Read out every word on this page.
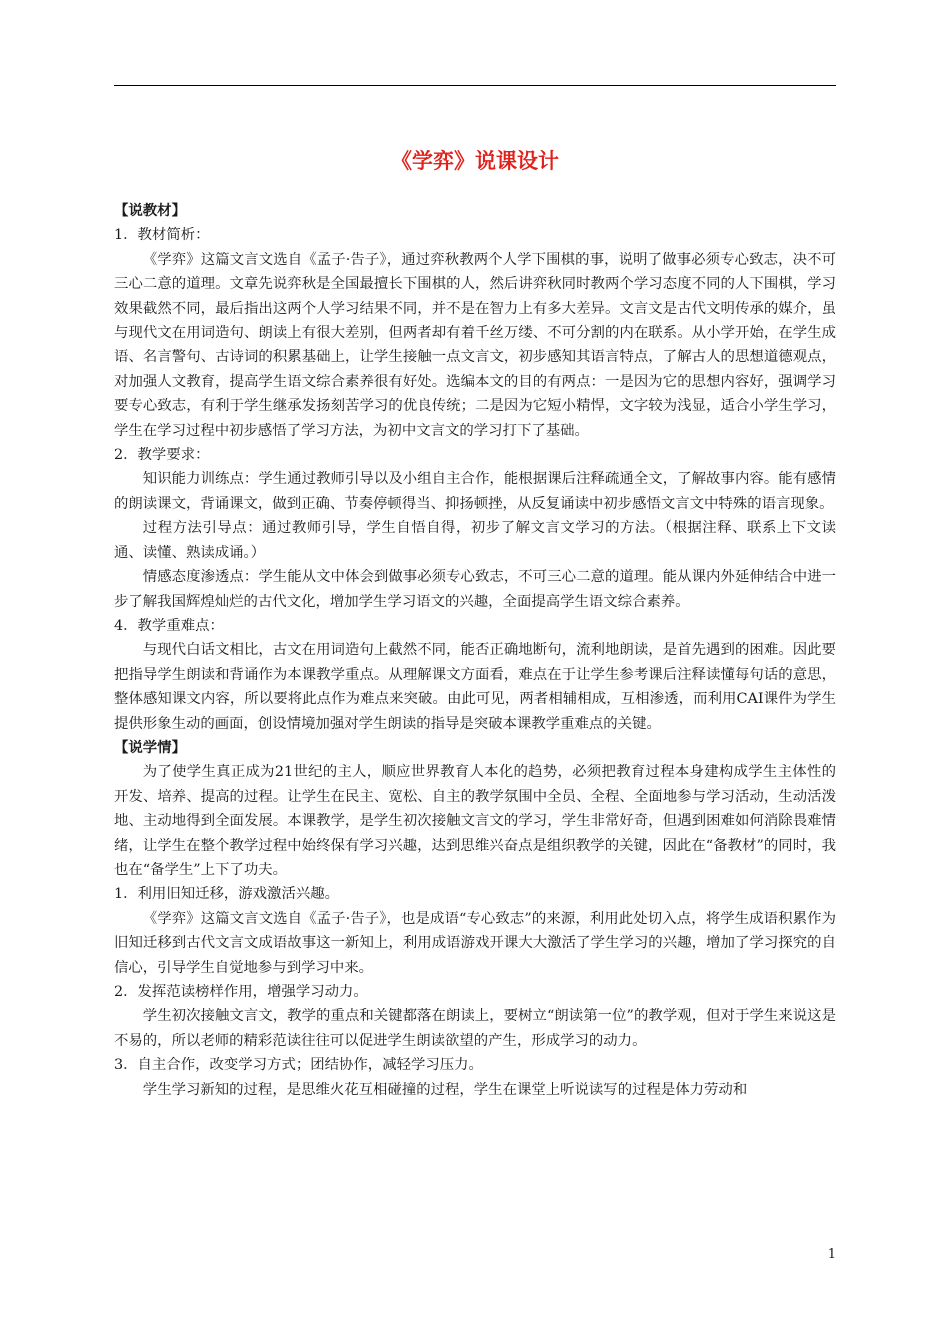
《学弈》说课设计

【说教材】

1．教材简析：

《学弈》这篇文言文选自《孟子·告子》，通过弈秋教两个人学下围棋的事，说明了做事必须专心致志，决不可三心二意的道理。文章先说弈秋是全国最擅长下围棋的人，然后讲弈秋同时教两个学习态度不同的人下围棋，学习效果截然不同，最后指出这两个人学习结果不同，并不是在智力上有多大差异。文言文是古代文明传承的媒介，虽与现代文在用词造句、朗读上有很大差别，但两者却有着千丝万缕、不可分割的内在联系。从小学开始，在学生成语、名言警句、古诗词的积累基础上，让学生接触一点文言文，初步感知其语言特点，了解古人的思想道德观点，对加强人文教育，提高学生语文综合素养很有好处。选编本文的目的有两点：一是因为它的思想内容好，强调学习要专心致志，有利于学生继承发扬刻苦学习的优良传统；二是因为它短小精悍，文字较为浅显，适合小学生学习，学生在学习过程中初步感悟了学习方法，为初中文言文的学习打下了基础。

2．教学要求：

知识能力训练点：学生通过教师引导以及小组自主合作，能根据课后注释疏通全文，了解故事内容。能有感情的朗读课文，背诵课文，做到正确、节奏停顿得当、抑扬顿挫，从反复诵读中初步感悟文言文中特殊的语言现象。

过程方法引导点：通过教师引导，学生自悟自得，初步了解文言文学习的方法。（根据注释、联系上下文读通、读懂、熟读成诵。）

情感态度渗透点：学生能从文中体会到做事必须专心致志，不可三心二意的道理。能从课内外延伸结合中进一步了解我国辉煌灿烂的古代文化，增加学生学习语文的兴趣，全面提高学生语文综合素养。

4．教学重难点：

与现代白话文相比，古文在用词造句上截然不同，能否正确地断句，流利地朗读，是首先遇到的困难。因此要把指导学生朗读和背诵作为本课教学重点。从理解课文方面看，难点在于让学生参考课后注释读懂每句话的意思，整体感知课文内容，所以要将此点作为难点来突破。由此可见，两者相辅相成，互相渗透，而利用CAI课件为学生提供形象生动的画面，创设情境加强对学生朗读的指导是突破本课教学重难点的关键。

【说学情】

为了使学生真正成为21世纪的主人，顺应世界教育人本化的趋势，必须把教育过程本身建构成学生主体性的开发、培养、提高的过程。让学生在民主、宽松、自主的教学氛围中全员、全程、全面地参与学习活动，生动活泼地、主动地得到全面发展。本课教学，是学生初次接触文言文的学习，学生非常好奇，但遇到困难如何消除畏难情绪，让学生在整个教学过程中始终保有学习兴趣，达到思维兴奋点是组织教学的关键，因此在“备教材”的同时，我也在“备学生”上下了功夫。

1．利用旧知迁移，游戏激活兴趣。

《学弈》这篇文言文选自《孟子·告子》，也是成语“专心致志”的来源，利用此处切入点，将学生成语积累作为旧知迁移到古代文言文成语故事这一新知上，利用成语游戏开课大大激活了学生学习的兴趣，增加了学习探究的自信心，引导学生自觉地参与到学习中来。

2．发挥范读榜样作用，增强学习动力。

学生初次接触文言文，教学的重点和关键都落在朗读上，要树立“朗读第一位”的教学观，但对于学生来说这是不易的，所以老师的精彩范读往往可以促进学生朗读欲望的产生，形成学习的动力。

3．自主合作，改变学习方式；团结协作，减轻学习压力。

学生学习新知的过程，是思维火花互相碰撞的过程，学生在课堂上听说读写的过程是体力劳动和

1
